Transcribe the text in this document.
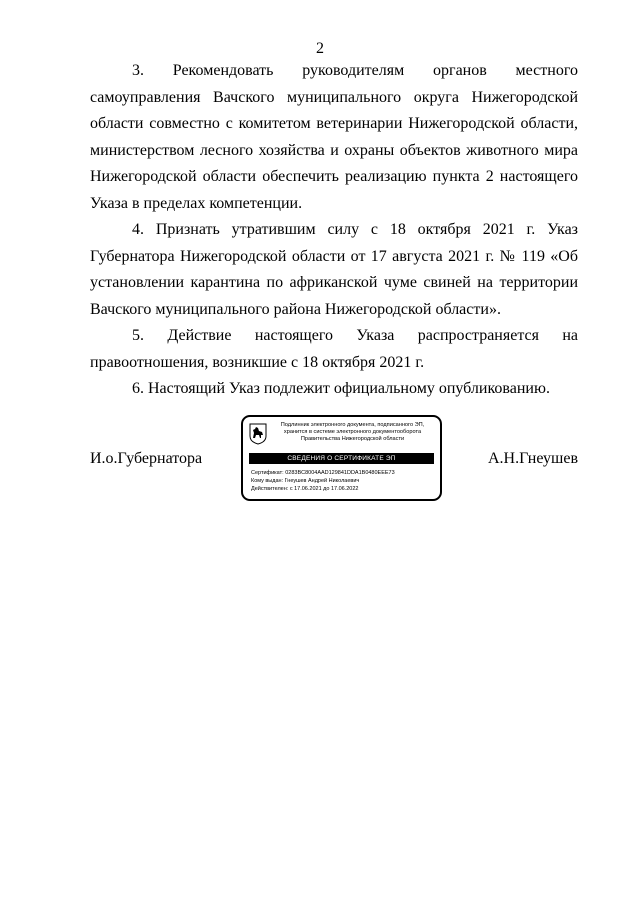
2

3. Рекомендовать руководителям органов местного самоуправления Вачского муниципального округа Нижегородской области совместно с комитетом ветеринарии Нижегородской области, министерством лесного хозяйства и охраны объектов животного мира Нижегородской области обеспечить реализацию пункта 2 настоящего Указа в пределах компетенции.

4. Признать утратившим силу с 18 октября 2021 г. Указ Губернатора Нижегородской области от 17 августа 2021 г. № 119 «Об установлении карантина по африканской чуме свиней на территории Вачского муниципального района Нижегородской области».

5. Действие настоящего Указа распространяется на правоотношения, возникшие с 18 октября 2021 г.

6. Настоящий Указ подлежит официальному опубликованию.

И.о.Губернатора	А.Н.Гнеушев
Подлинник электронного документа, подписанного ЭП,
хранится в системе электронного документооборота
Правительства Нижегородской области
СВЕДЕНИЯ О СЕРТИФИКАТЕ ЭП
Сертификат: 0283BC8004AAD129841DDA1B0480EEE73
Кому выдан: Гнеушев Андрей Николаевич
Действителен: с 17.06.2021 до 17.06.2022
